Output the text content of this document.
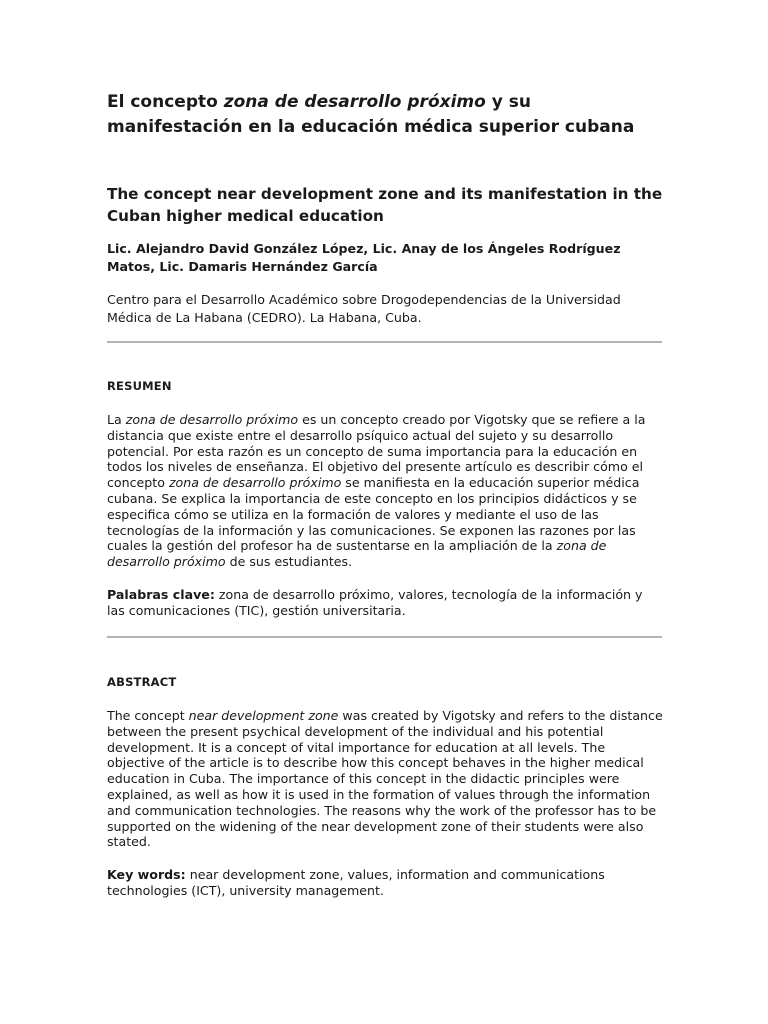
El concepto zona de desarrollo próximo y su manifestación en la educación médica superior cubana
The concept near development zone and its manifestation in the Cuban higher medical education

Lic. Alejandro David González López, Lic. Anay de los Ángeles Rodríguez Matos, Lic. Damaris Hernández García

Centro para el Desarrollo Académico sobre Drogodependencias de la Universidad Médica de La Habana (CEDRO). La Habana, Cuba.

RESUMEN

La zona de desarrollo próximo es un concepto creado por Vigotsky que se refiere a la distancia que existe entre el desarrollo psíquico actual del sujeto y su desarrollo potencial. Por esta razón es un concepto de suma importancia para la educación en todos los niveles de enseñanza. El objetivo del presente artículo es describir cómo el concepto zona de desarrollo próximo se manifiesta en la educación superior médica cubana. Se explica la importancia de este concepto en los principios didácticos y se especifica cómo se utiliza en la formación de valores y mediante el uso de las tecnologías de la información y las comunicaciones. Se exponen las razones por las cuales la gestión del profesor ha de sustentarse en la ampliación de la zona de desarrollo próximo de sus estudiantes.

Palabras clave: zona de desarrollo próximo, valores, tecnología de la información y las comunicaciones (TIC), gestión universitaria.

ABSTRACT

The concept near development zone was created by Vigotsky and refers to the distance between the present psychical development of the individual and his potential development. It is a concept of vital importance for education at all levels. The objective of the article is to describe how this concept behaves in the higher medical education in Cuba. The importance of this concept in the didactic principles were explained, as well as how it is used in the formation of values through the information and communication technologies. The reasons why the work of the professor has to be supported on the widening of the near development zone of their students were also stated.

Key words: near development zone, values, information and communications technologies (ICT), university management.
